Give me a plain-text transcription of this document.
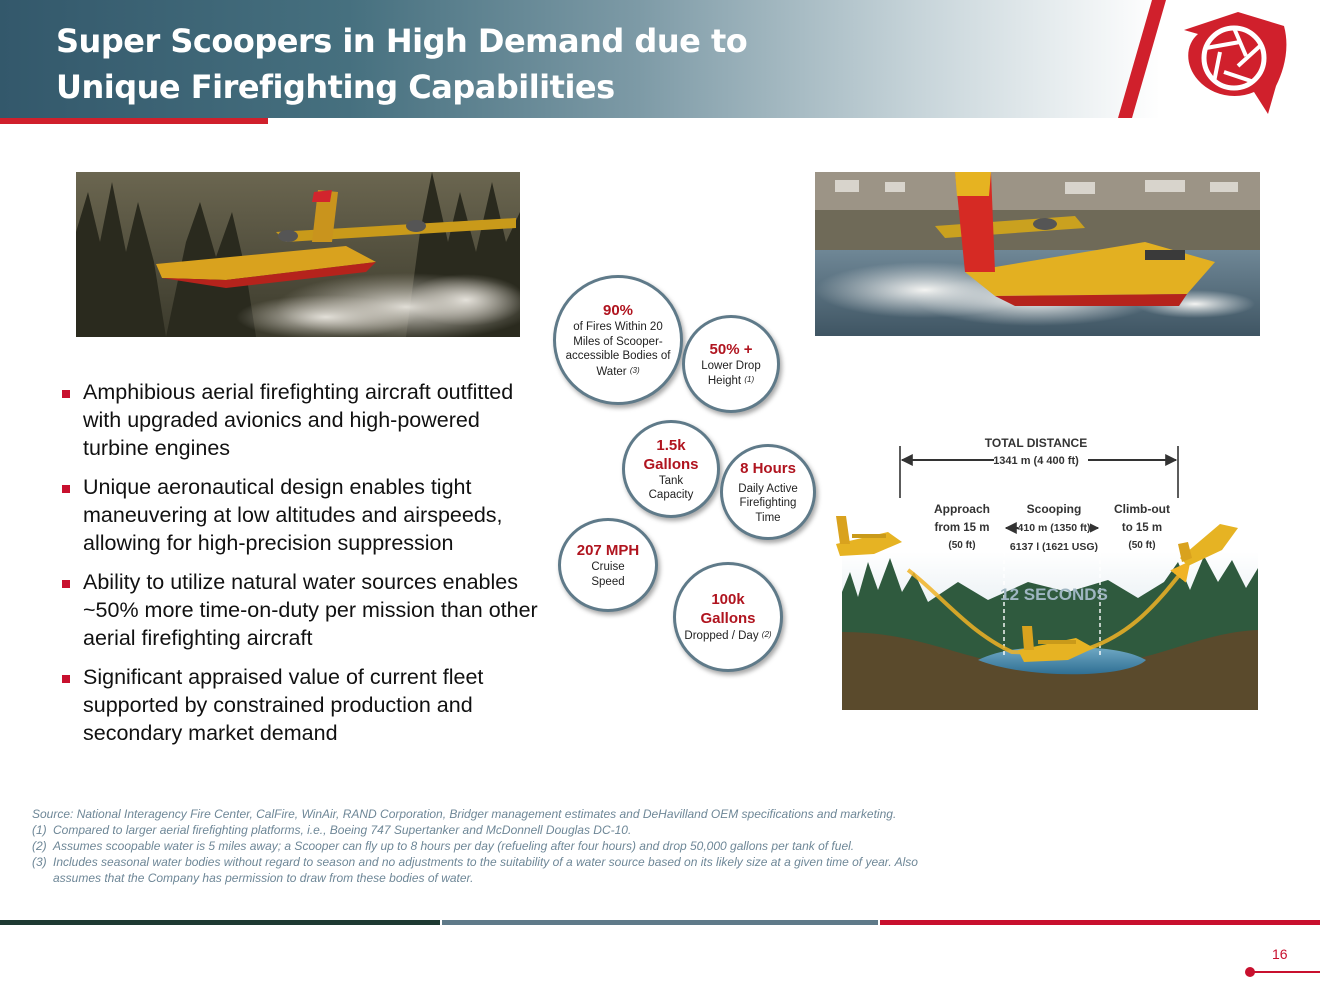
Super Scoopers in High Demand due to
Unique Firefighting Capabilities
Amphibious aerial firefighting aircraft outfitted with upgraded avionics and high-powered turbine engines
Unique aeronautical design enables tight maneuvering at low altitudes and airspeeds, allowing for high-precision suppression
Ability to utilize natural water sources enables ~50% more time-on-duty per mission than other aerial firefighting aircraft
Significant appraised value of current fleet supported by constrained production and secondary market demand
90%
of Fires Within 20 Miles of Scooper-accessible Bodies of Water $^{(3)}$
50% +
Lower Drop Height $^{(1)}$
1.5k Gallons
Tank Capacity
8 Hours
Daily Active Firefighting Time
207 MPH
Cruise Speed
100k Gallons
Dropped / Day $^{(2)}$
TOTAL DISTANCE
1341 m (4 400 ft)
Approach
from 15 m
(50 ft)
Scooping
410 m (1350 ft)
6137 l (1621 USG)
Climb-out
to 15 m
(50 ft)
12 SECONDS
Source: National Interagency Fire Center, CalFire, WinAir, RAND Corporation, Bridger management estimates and DeHavilland OEM specifications and marketing.
(1) Compared to larger aerial firefighting platforms, i.e., Boeing 747 Supertanker and McDonnell Douglas DC-10.
(2) Assumes scoopable water is 5 miles away; a Scooper can fly up to 8 hours per day (refueling after four hours) and drop 50,000 gallons per tank of fuel.
(3) Includes seasonal water bodies without regard to season and no adjustments to the suitability of a water source based on its likely size at a given time of year. Also assumes that the Company has permission to draw from these bodies of water.
16
